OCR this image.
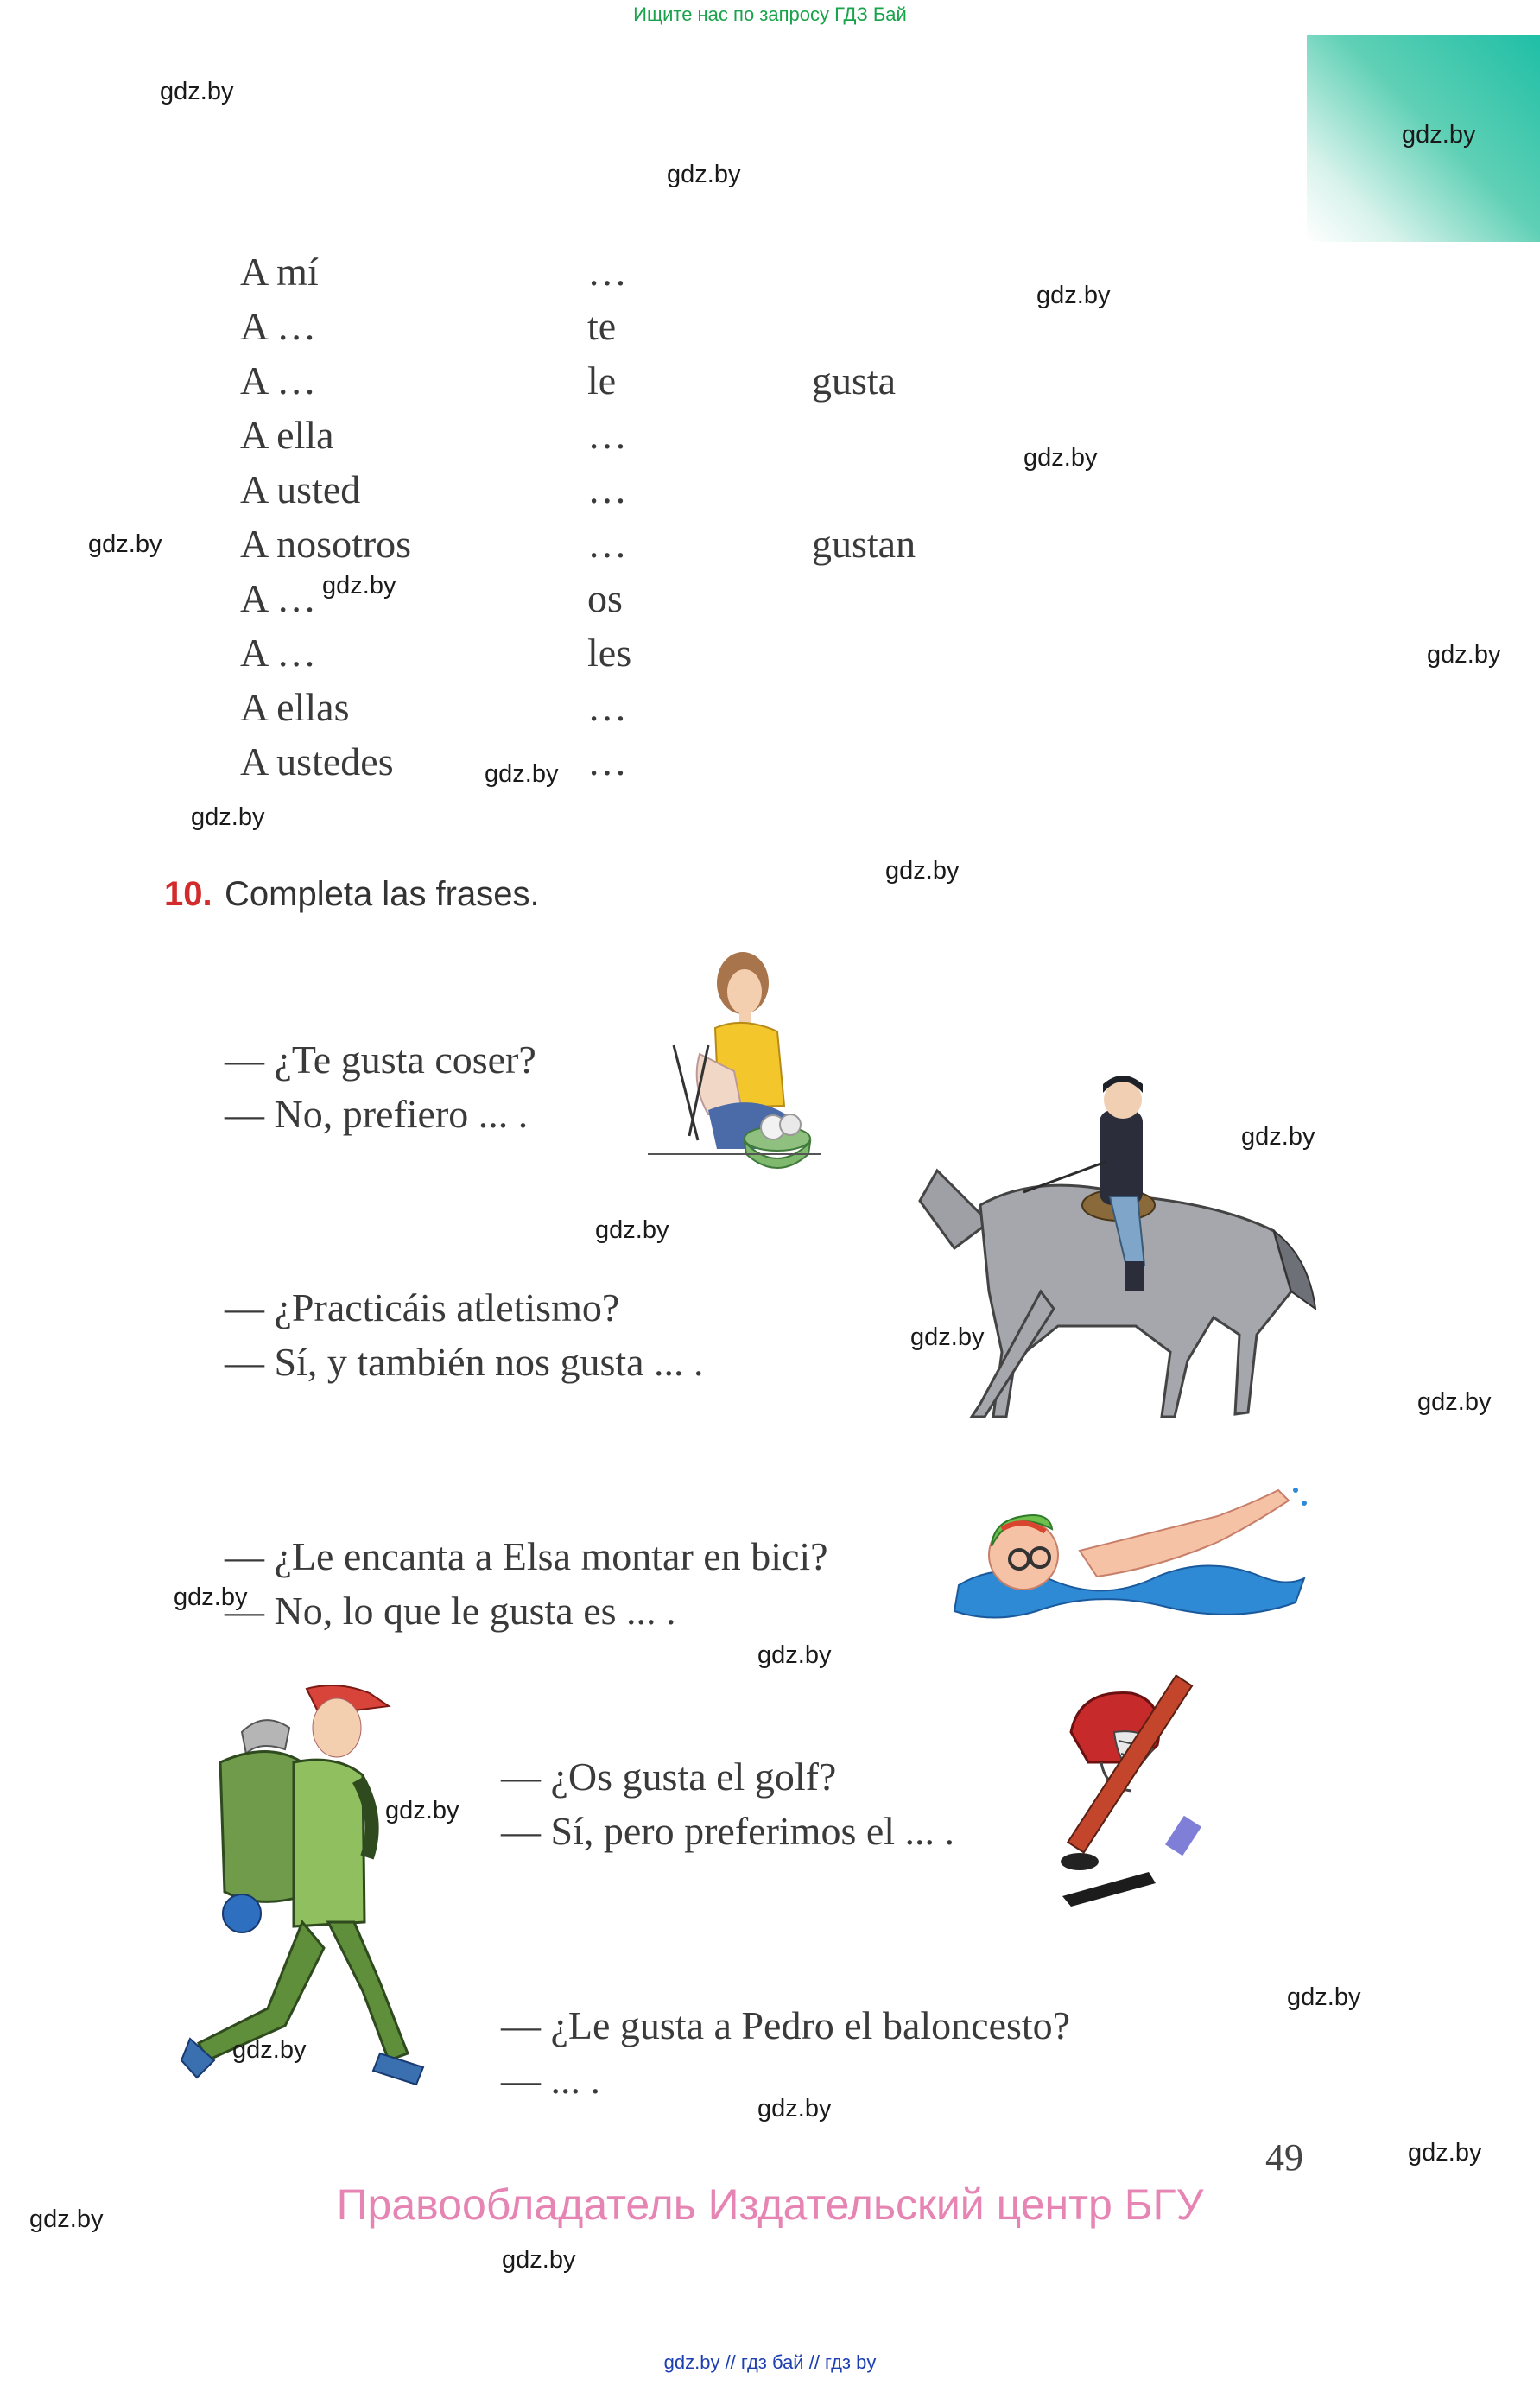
Ищите нас по запросу ГДЗ Бай
gdz.by
A mí	…
A …	te
A …	le	gusta
A ella	…
A usted	…
A nosotros	…	gustan
A …	os
A …	les
A ellas	…
A ustedes	…
10. Completa las frases.
— ¿Te gusta coser?
— No, prefiero ... .
— ¿Practicáis atletismo?
— Sí, y también nos gusta ... .
— ¿Le encanta a Elsa montar en bici?
— No, lo que le gusta es ... .
— ¿Os gusta el golf?
— Sí, pero preferimos el ... .
— ¿Le gusta a Pedro el baloncesto?
— ... .
49
Правообладатель Издательский центр БГУ
gdz.by // гдз бай // гдз by
gdz.by
gdz.by
gdz.by
gdz.by
gdz.by
gdz.by
gdz.by
gdz.by
gdz.by
gdz.by
gdz.by
gdz.by
gdz.by
gdz.by
gdz.by
gdz.by
gdz.by
gdz.by
gdz.by
gdz.by
gdz.by
gdz.by
gdz.by
